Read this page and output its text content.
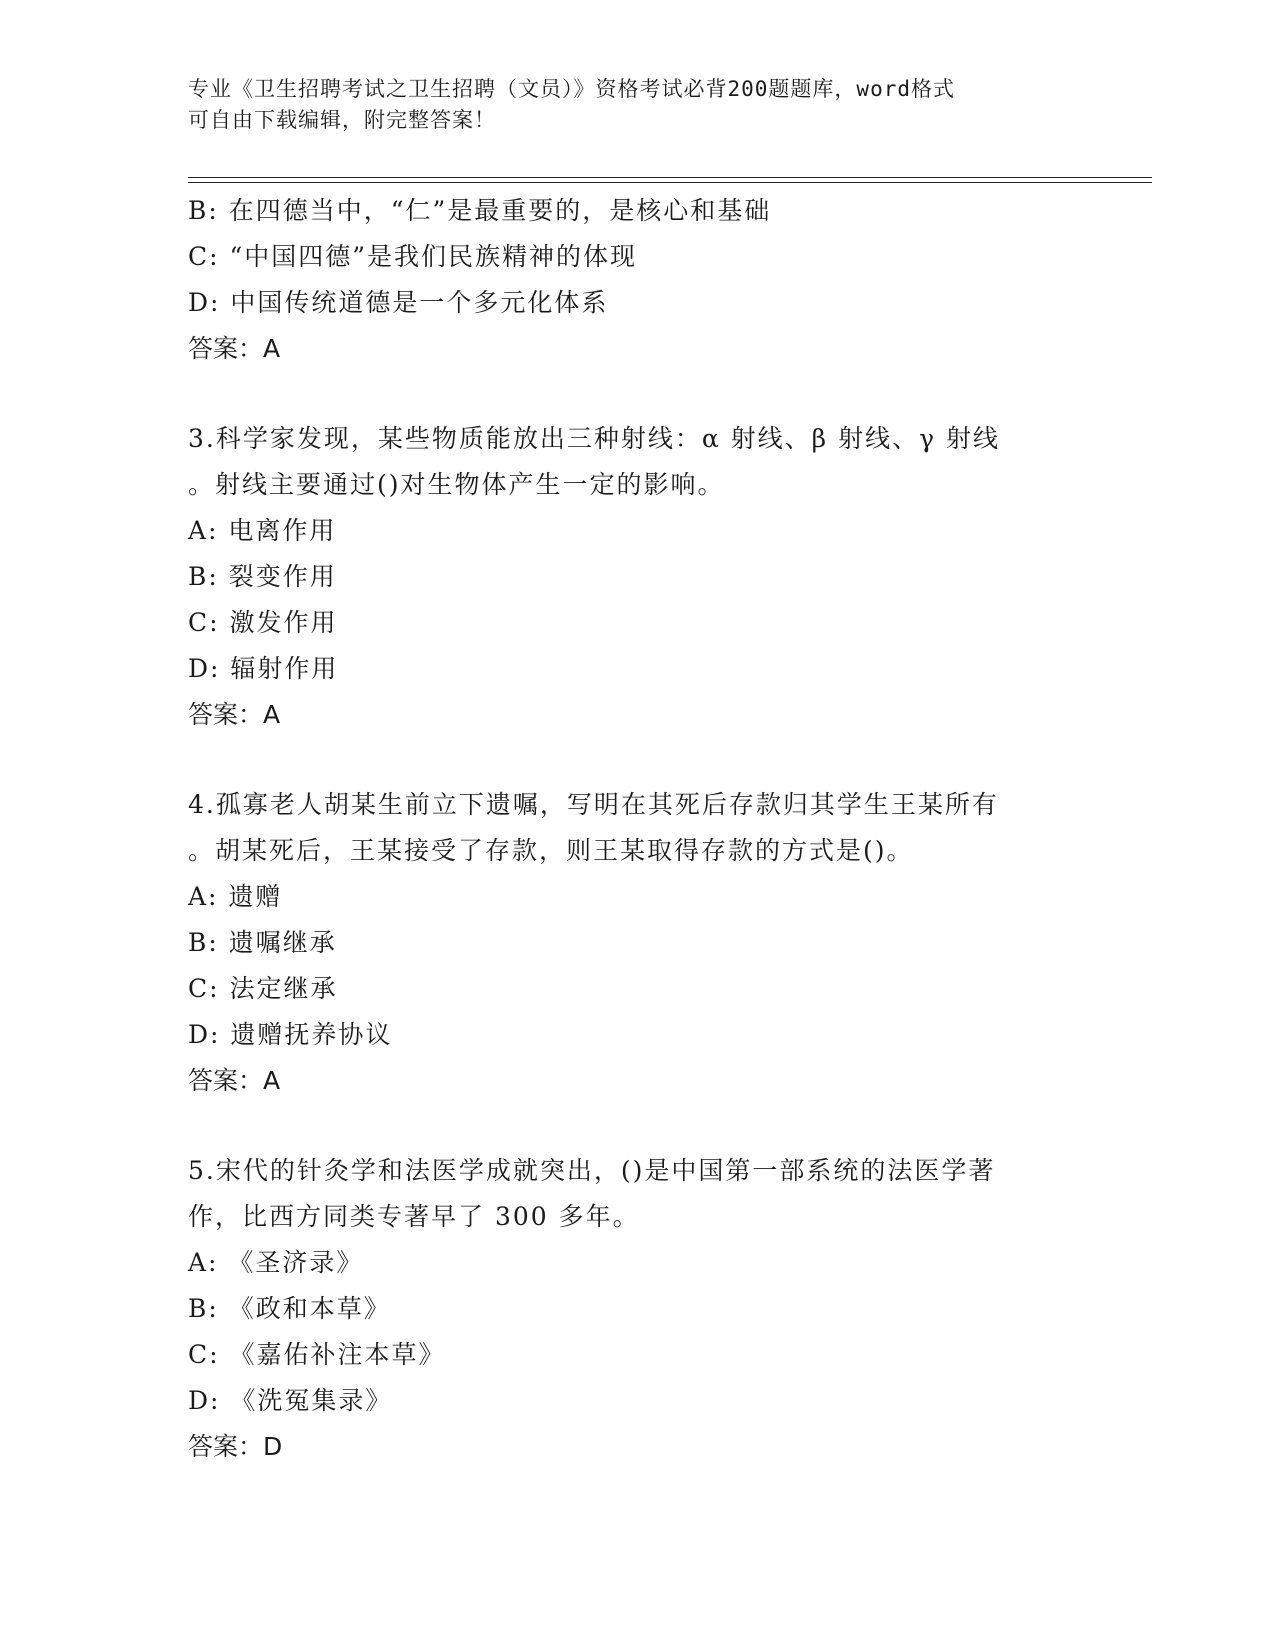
专业《卫生招聘考试之卫生招聘（文员）》资格考试必背200题题库，word格式
可自由下载编辑，附完整答案！
B: 在四德当中，“仁”是最重要的，是核心和基础
C: “中国四德”是我们民族精神的体现
D: 中国传统道德是一个多元化体系
答案：A
3.科学家发现，某些物质能放出三种射线：α 射线、β 射线、γ 射线
。射线主要通过()对生物体产生一定的影响。
A: 电离作用
B: 裂变作用
C: 激发作用
D: 辐射作用
答案：A
4.孤寡老人胡某生前立下遗嘱，写明在其死后存款归其学生王某所有
。胡某死后，王某接受了存款，则王某取得存款的方式是()。
A: 遗赠
B: 遗嘱继承
C: 法定继承
D: 遗赠抚养协议
答案：A
5.宋代的针灸学和法医学成就突出，()是中国第一部系统的法医学著
作，比西方同类专著早了 300 多年。
A: 《圣济录》
B: 《政和本草》
C: 《嘉佑补注本草》
D: 《洗冤集录》
答案：D
